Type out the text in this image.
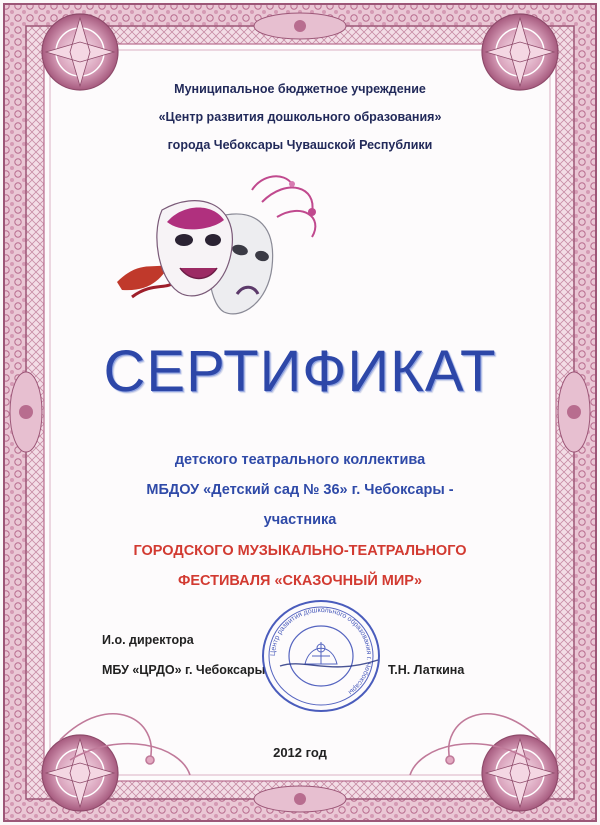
Муниципальное бюджетное учреждение
«Центр развития дошкольного образования»
города Чебоксары Чувашской Республики
СЕРТИФИКАТ
детского театрального коллектива
МБДОУ «Детский сад № 36» г. Чебоксары -
участника
ГОРОДСКОГО МУЗЫКАЛЬНО-ТЕАТРАЛЬНОГО
ФЕСТИВАЛЯ «СКАЗОЧНЫЙ МИР»
И.о. директора
МБУ «ЦРДО» г. Чебоксары	Т.Н. Латкина
Центр развития дошкольного образования г. Чебоксары
2012 год
